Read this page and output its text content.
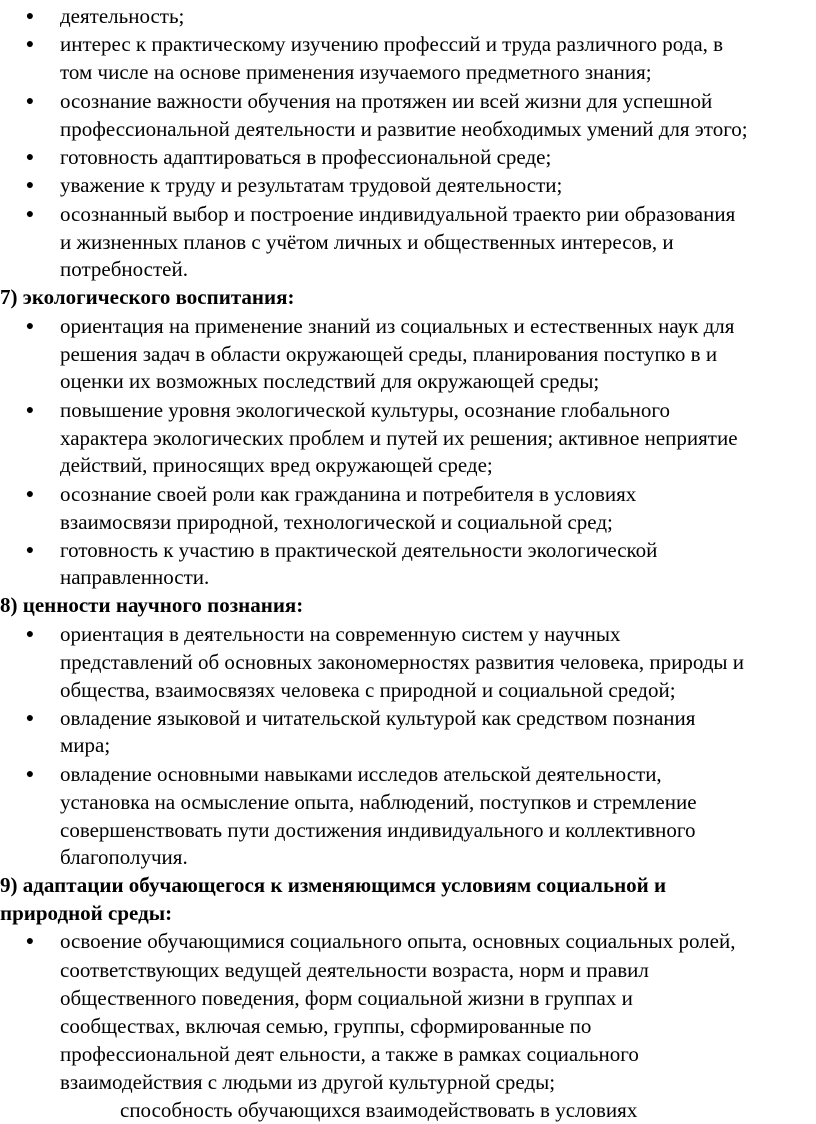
● деятельность;
● интерес к практическому изучению профессий и труда различного рода, в
том числе на основе применения изучаемого предметного знания;
● осознание важности обучения на протяжен ии всей жизни для успешной
профессиональной деятельности и развитие необходимых умений для этого;
● готовность адаптироваться в профессиональной среде;
● уважение к труду и результатам трудовой деятельности;
● осознанный выбор и построение индивидуальной траекто рии образования
и жизненных планов с учётом личных и общественных интересов, и
потребностей.
7) экологического воспитания:
● ориентация на применение знаний из социальных и естественных наук для
решения задач в области окружающей среды, планирования поступко в и
оценки их возможных последствий для окружающей среды;
● повышение уровня экологической культуры, осознание глобального
характера экологических проблем и путей их решения; активное неприятие
действий, приносящих вред окружающей среде;
● осознание своей роли как гражданина и потребителя в условиях
взаимосвязи природной, технологической и социальной сред;
● готовность к участию в практической деятельности экологической
направленности.
8) ценности научного познания:
● ориентация в деятельности на современную систем у научных
представлений об основных закономерностях развития человека, природы и
общества, взаимосвязях человека с природной и социальной средой;
● овладение языковой и читательской культурой как средством познания
мира;
● овладение основными навыками исследов ательской деятельности,
установка на осмысление опыта, наблюдений, поступков и стремление
совершенствовать пути достижения индивидуального и коллективного
благополучия.
9) адаптации обучающегося к изменяющимся условиям социальной и
природной среды:
● освоение обучающимися социального опыта, основных социальных ролей,
соответствующих ведущей деятельности возраста, норм и правил
общественного поведения, форм социальной жизни в группах и
сообществах, включая семью, группы, сформированные по
профессиональной деят ельности, а также в рамках социального
взаимодействия с людьми из другой культурной среды;
способность обучающихся взаимодействовать в условиях
